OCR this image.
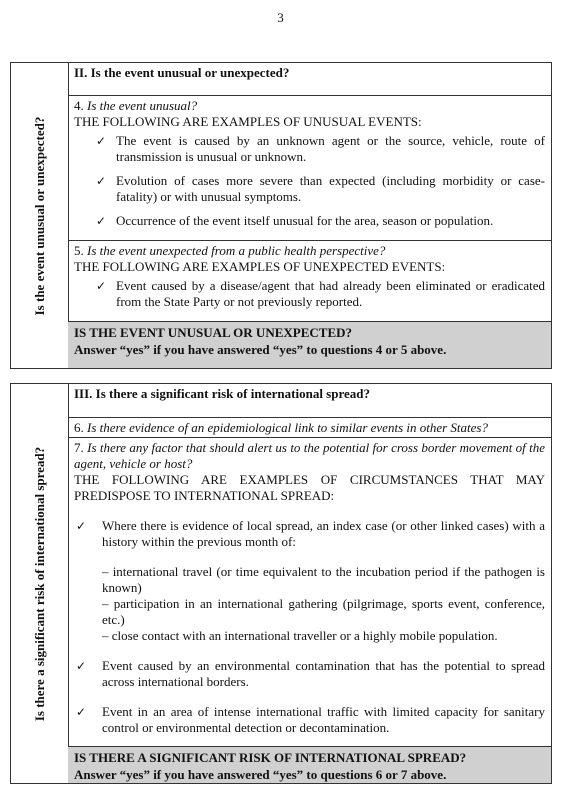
3
Is the event unusual or unexpected?
II. Is the event unusual or unexpected?

4. Is the event unusual?

THE FOLLOWING ARE EXAMPLES OF UNUSUAL EVENTS:

✓ The event is caused by an unknown agent or the source, vehicle, route of transmission is unusual or unknown.
✓ Evolution of cases more severe than expected (including morbidity or case-fatality) or with unusual symptoms.
✓ Occurrence of the event itself unusual for the area, season or population.

5. Is the event unexpected from a public health perspective?

THE FOLLOWING ARE EXAMPLES OF UNEXPECTED EVENTS:

✓ Event caused by a disease/agent that had already been eliminated or eradicated from the State Party or not previously reported.
IS THE EVENT UNUSUAL OR UNEXPECTED?
Answer “yes” if you have answered “yes” to questions 4 or 5 above.
Is there a significant risk of international spread?
III. Is there a significant risk of international spread?

6. Is there evidence of an epidemiological link to similar events in other States?

7. Is there any factor that should alert us to the potential for cross border movement of the agent, vehicle or host?

THE FOLLOWING ARE EXAMPLES OF CIRCUMSTANCES THAT MAY PREDISPOSE TO INTERNATIONAL SPREAD:

✓ Where there is evidence of local spread, an index case (or other linked cases) with a history within the previous month of:

– international travel (or time equivalent to the incubation period if the pathogen is known)

– participation in an international gathering (pilgrimage, sports event, conference, etc.)

– close contact with an international traveller or a highly mobile population.

✓ Event caused by an environmental contamination that has the potential to spread across international borders.
✓ Event in an area of intense international traffic with limited capacity for sanitary control or environmental detection or decontamination.
IS THERE A SIGNIFICANT RISK OF INTERNATIONAL SPREAD?
Answer “yes” if you have answered “yes” to questions 6 or 7 above.
